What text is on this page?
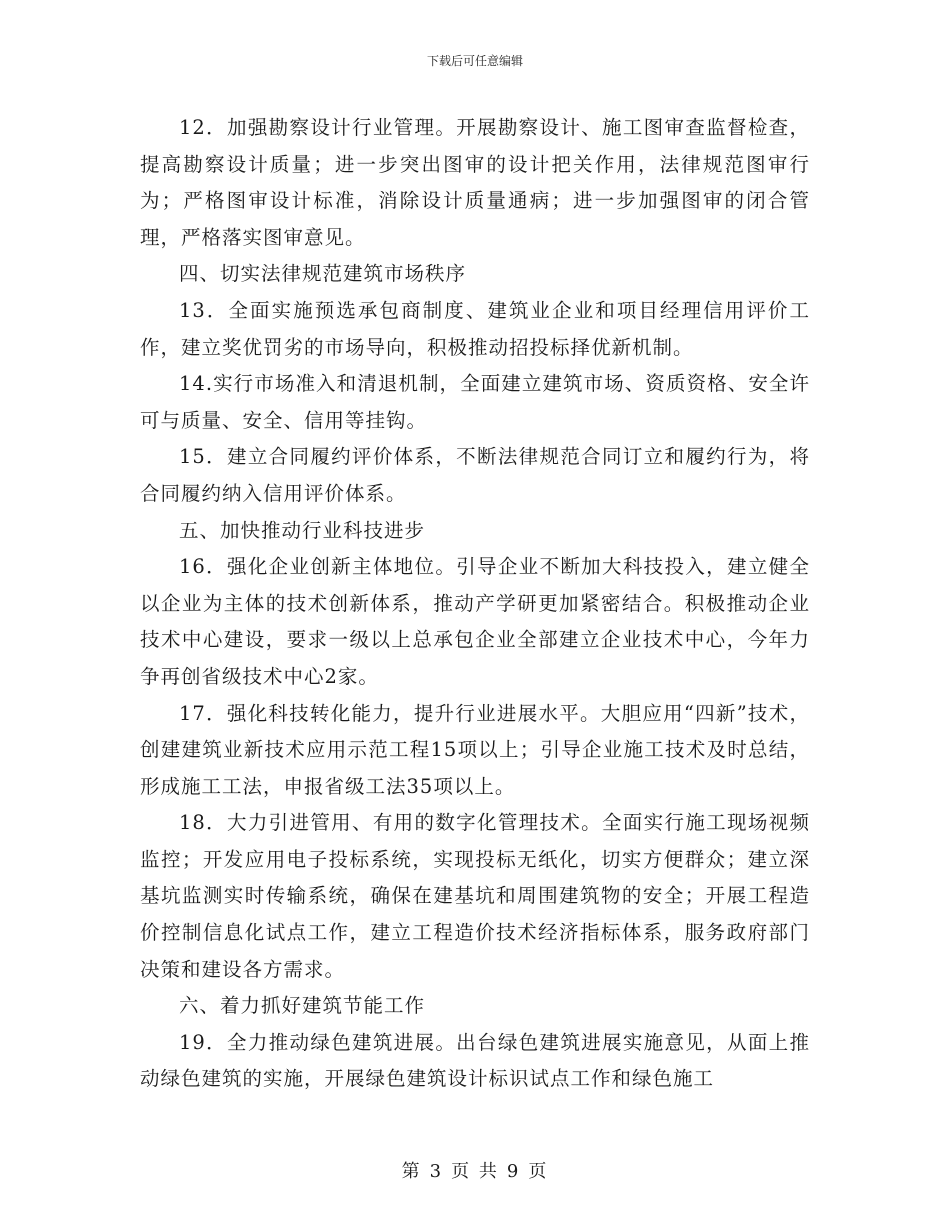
下载后可任意编辑

12．加强勘察设计行业管理。开展勘察设计、施工图审查监督检查，提高勘察设计质量；进一步突出图审的设计把关作用，法律规范图审行为；严格图审设计标准，消除设计质量通病；进一步加强图审的闭合管理，严格落实图审意见。

四、切实法律规范建筑市场秩序

13．全面实施预选承包商制度、建筑业企业和项目经理信用评价工作，建立奖优罚劣的市场导向，积极推动招投标择优新机制。

14.实行市场准入和清退机制，全面建立建筑市场、资质资格、安全许可与质量、安全、信用等挂钩。

15．建立合同履约评价体系，不断法律规范合同订立和履约行为，将合同履约纳入信用评价体系。

五、加快推动行业科技进步

16．强化企业创新主体地位。引导企业不断加大科技投入，建立健全以企业为主体的技术创新体系，推动产学研更加紧密结合。积极推动企业技术中心建设，要求一级以上总承包企业全部建立企业技术中心，今年力争再创省级技术中心2家。

17．强化科技转化能力，提升行业进展水平。大胆应用“四新”技术，创建建筑业新技术应用示范工程15项以上；引导企业施工技术及时总结，形成施工工法，申报省级工法35项以上。

18．大力引进管用、有用的数字化管理技术。全面实行施工现场视频监控；开发应用电子投标系统，实现投标无纸化，切实方便群众；建立深基坑监测实时传输系统，确保在建基坑和周围建筑物的安全；开展工程造价控制信息化试点工作，建立工程造价技术经济指标体系，服务政府部门决策和建设各方需求。

六、着力抓好建筑节能工作

19．全力推动绿色建筑进展。出台绿色建筑进展实施意见，从面上推动绿色建筑的实施，开展绿色建筑设计标识试点工作和绿色施工

第 3 页 共 9 页
